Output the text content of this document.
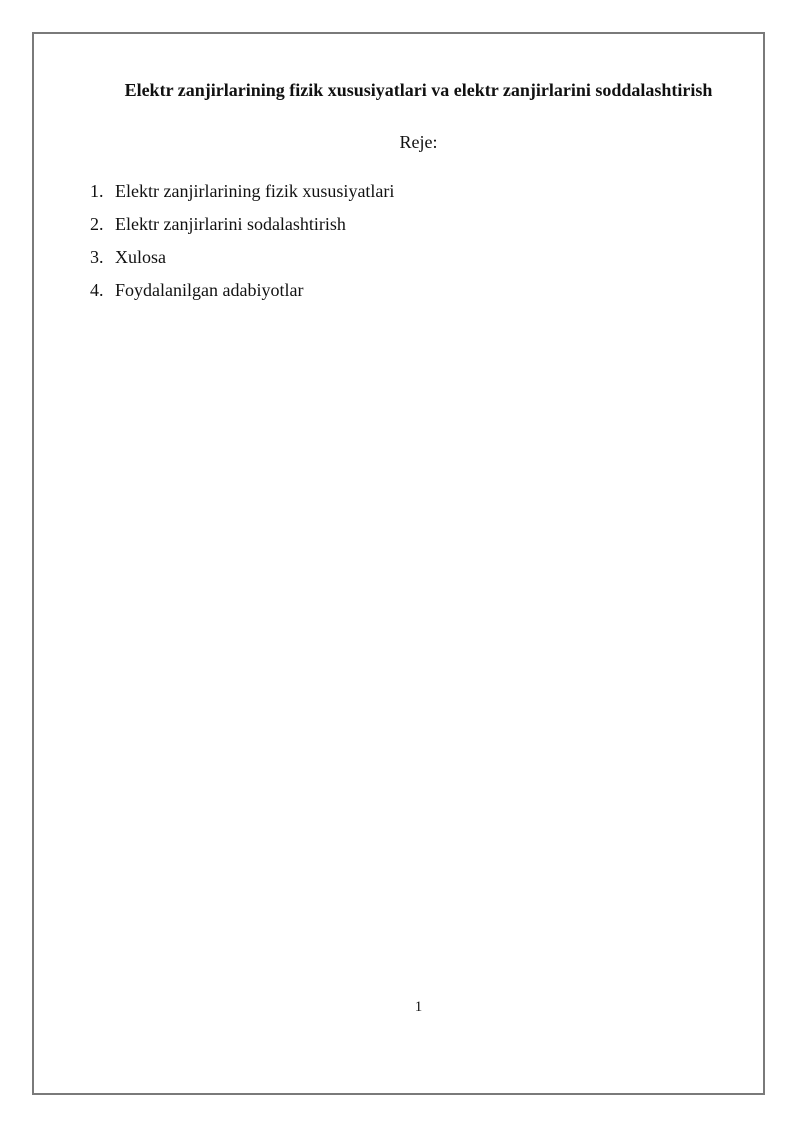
Elektr zanjirlarining fizik xususiyatlari va elektr zanjirlarini soddalashtirish
Reje:
1. Elektr zanjirlarining fizik xususiyatlari
2. Elektr zanjirlarini sodalashtirish
3. Xulosa
4. Foydalanilgan adabiyotlar
1
